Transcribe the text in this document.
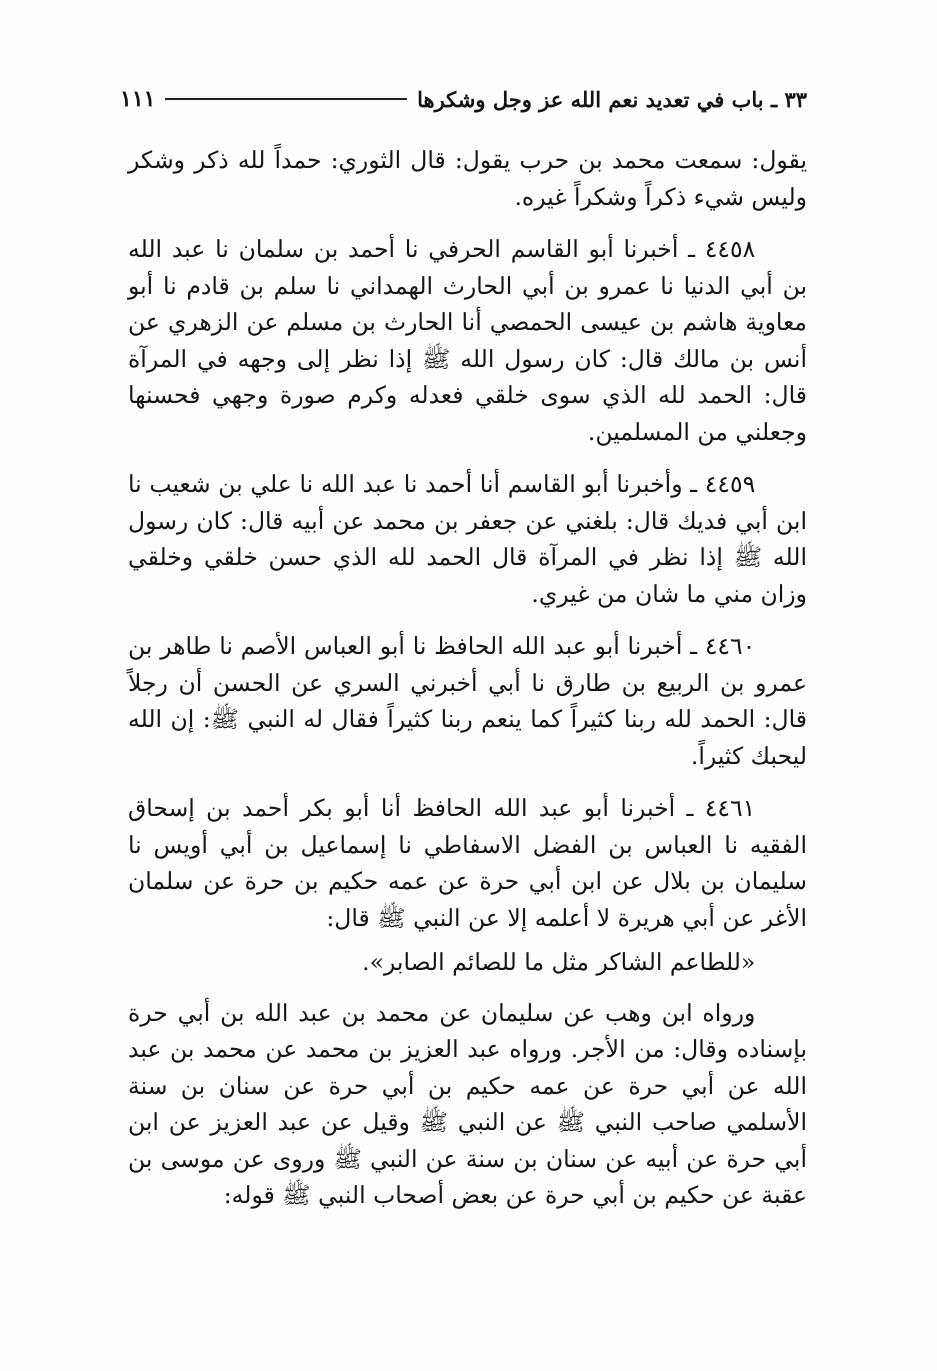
٣٣ ـ باب في تعديد نعم الله عز وجل وشكرها
١١١

يقول: سمعت محمد بن حرب يقول: قال الثوري: حمداً لله ذكر وشكر وليس شيء ذكراً وشكراً غيره.

٤٤٥٨ ـ أخبرنا أبو القاسم الحرفي نا أحمد بن سلمان نا عبد الله بن أبي الدنيا نا عمرو بن أبي الحارث الهمداني نا سلم بن قادم نا أبو معاوية هاشم بن عيسى الحمصي أنا الحارث بن مسلم عن الزهري عن أنس بن مالك قال: كان رسول الله ﷺ إذا نظر إلى وجهه في المرآة قال: الحمد لله الذي سوى خلقي فعدله وكرم صورة وجهي فحسنها وجعلني من المسلمين.

٤٤٥٩ ـ وأخبرنا أبو القاسم أنا أحمد نا عبد الله نا علي بن شعيب نا ابن أبي فديك قال: بلغني عن جعفر بن محمد عن أبيه قال: كان رسول الله ﷺ إذا نظر في المرآة قال الحمد لله الذي حسن خلقي وخلقي وزان مني ما شان من غيري.

٤٤٦٠ ـ أخبرنا أبو عبد الله الحافظ نا أبو العباس الأصم نا طاهر بن عمرو بن الربيع بن طارق نا أبي أخبرني السري عن الحسن أن رجلاً قال: الحمد لله ربنا كثيراً كما ينعم ربنا كثيراً فقال له النبي ﷺ: إن الله ليحبك كثيراً.

٤٤٦١ ـ أخبرنا أبو عبد الله الحافظ أنا أبو بكر أحمد بن إسحاق الفقيه نا العباس بن الفضل الاسفاطي نا إسماعيل بن أبي أويس نا سليمان بن بلال عن ابن أبي حرة عن عمه حكيم بن حرة عن سلمان الأغر عن أبي هريرة لا أعلمه إلا عن النبي ﷺ قال:

«للطاعم الشاكر مثل ما للصائم الصابر».

ورواه ابن وهب عن سليمان عن محمد بن عبد الله بن أبي حرة بإسناده وقال: من الأجر. ورواه عبد العزيز بن محمد عن محمد بن عبد الله عن أبي حرة عن عمه حكيم بن أبي حرة عن سنان بن سنة الأسلمي صاحب النبي ﷺ عن النبي ﷺ وقيل عن عبد العزيز عن ابن أبي حرة عن أبيه عن سنان بن سنة عن النبي ﷺ وروى عن موسى بن عقبة عن حكيم بن أبي حرة عن بعض أصحاب النبي ﷺ قوله:
